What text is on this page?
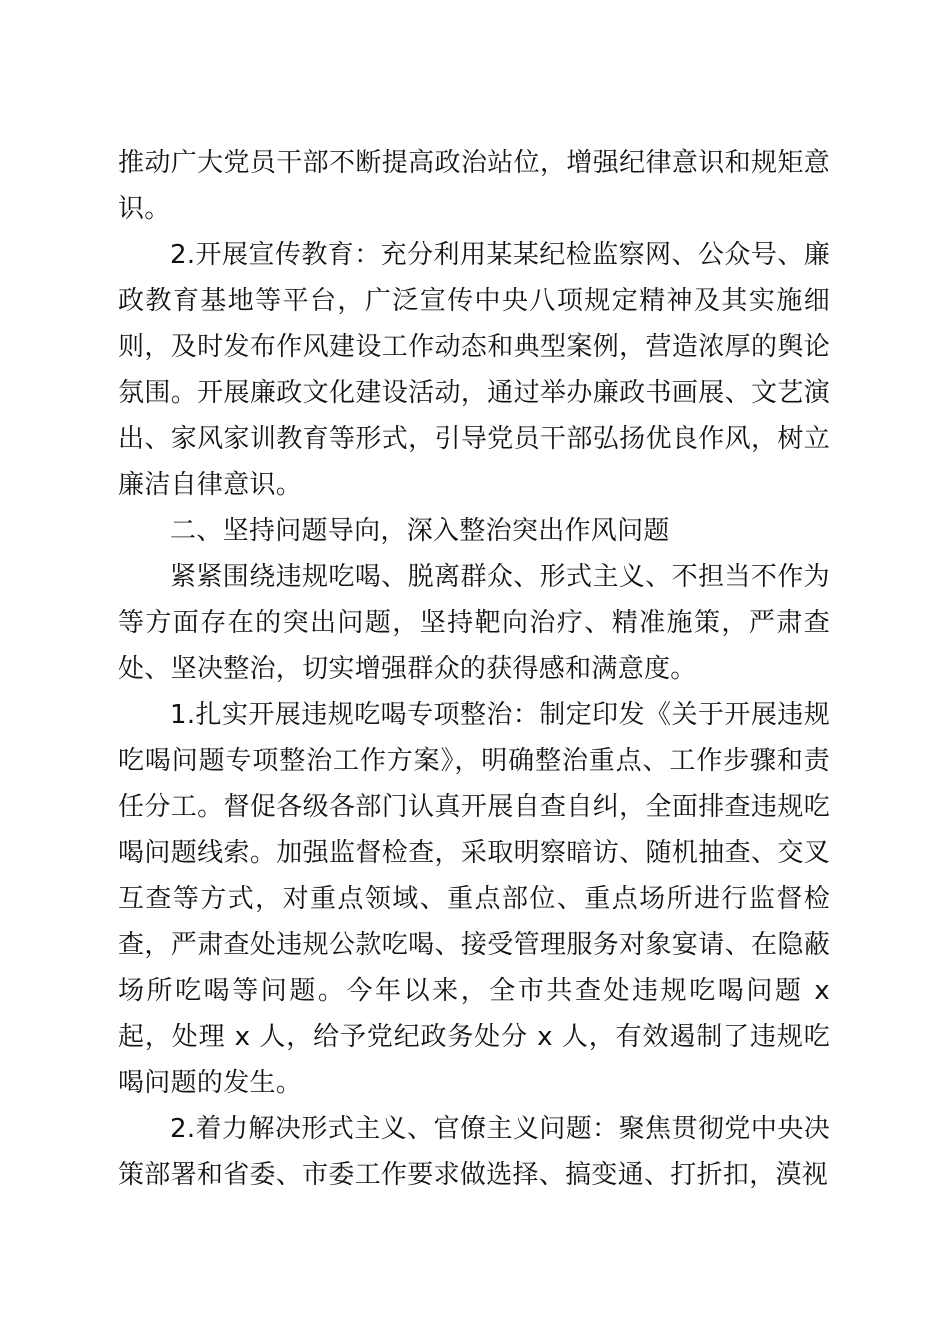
推动广大党员干部不断提高政治站位，增强纪律意识和规矩意识。

2.开展宣传教育：充分利用某某纪检监察网、公众号、廉政教育基地等平台，广泛宣传中央八项规定精神及其实施细则，及时发布作风建设工作动态和典型案例，营造浓厚的舆论氛围。开展廉政文化建设活动，通过举办廉政书画展、文艺演出、家风家训教育等形式，引导党员干部弘扬优良作风，树立廉洁自律意识。

二、坚持问题导向，深入整治突出作风问题

紧紧围绕违规吃喝、脱离群众、形式主义、不担当不作为等方面存在的突出问题，坚持靶向治疗、精准施策，严肃查处、坚决整治，切实增强群众的获得感和满意度。

1.扎实开展违规吃喝专项整治：制定印发《关于开展违规吃喝问题专项整治工作方案》，明确整治重点、工作步骤和责任分工。督促各级各部门认真开展自查自纠，全面排查违规吃喝问题线索。加强监督检查，采取明察暗访、随机抽查、交叉互查等方式，对重点领域、重点部位、重点场所进行监督检查，严肃查处违规公款吃喝、接受管理服务对象宴请、在隐蔽场所吃喝等问题。今年以来，全市共查处违规吃喝问题 x 起，处理 x 人，给予党纪政务处分 x 人，有效遏制了违规吃喝问题的发生。

2.着力解决形式主义、官僚主义问题：聚焦贯彻党中央决策部署和省委、市委工作要求做选择、搞变通、打折扣，漠视
